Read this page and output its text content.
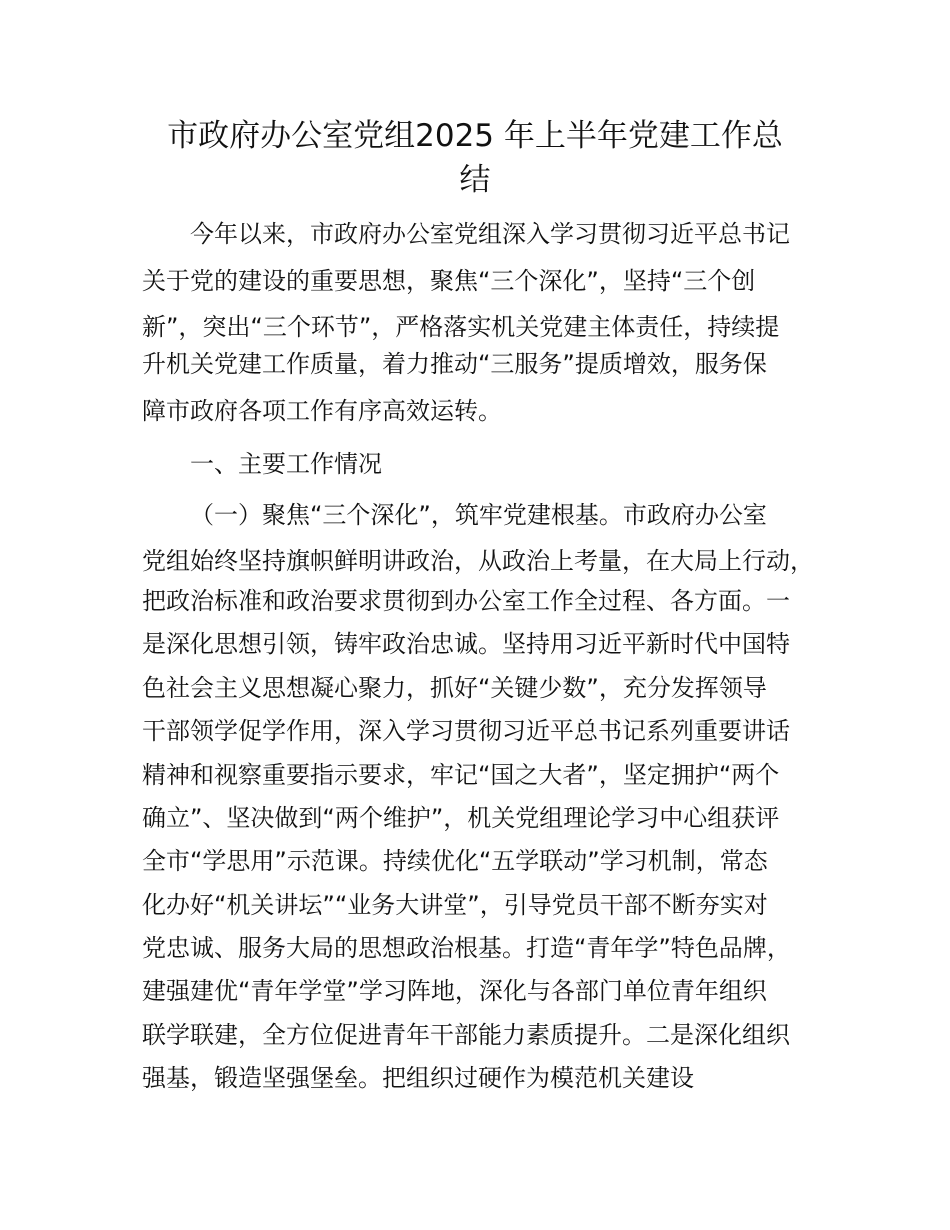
市政府办公室党组2025 年上半年党建工作总
结

今年以来，市政府办公室党组深入学习贯彻习近平总书记

关于党的建设的重要思想，聚焦“三个深化”，坚持“三个创

新”，突出“三个环节”，严格落实机关党建主体责任，持续提

升机关党建工作质量，着力推动“三服务”提质增效，服务保

障市政府各项工作有序高效运转。

一、主要工作情况

（一）聚焦“三个深化”，筑牢党建根基。市政府办公室

党组始终坚持旗帜鲜明讲政治，从政治上考量，在大局上行动，

把政治标准和政治要求贯彻到办公室工作全过程、各方面。一

是深化思想引领，铸牢政治忠诚。坚持用习近平新时代中国特

色社会主义思想凝心聚力，抓好“关键少数”，充分发挥领导

干部领学促学作用，深入学习贯彻习近平总书记系列重要讲话

精神和视察重要指示要求，牢记“国之大者”，坚定拥护“两个

确立”、坚决做到“两个维护”，机关党组理论学习中心组获评

全市“学思用”示范课。持续优化“五学联动”学习机制，常态

化办好“机关讲坛”“业务大讲堂”，引导党员干部不断夯实对

党忠诚、服务大局的思想政治根基。打造“青年学”特色品牌，

建强建优“青年学堂”学习阵地，深化与各部门单位青年组织

联学联建，全方位促进青年干部能力素质提升。二是深化组织

强基，锻造坚强堡垒。把组织过硬作为模范机关建设
